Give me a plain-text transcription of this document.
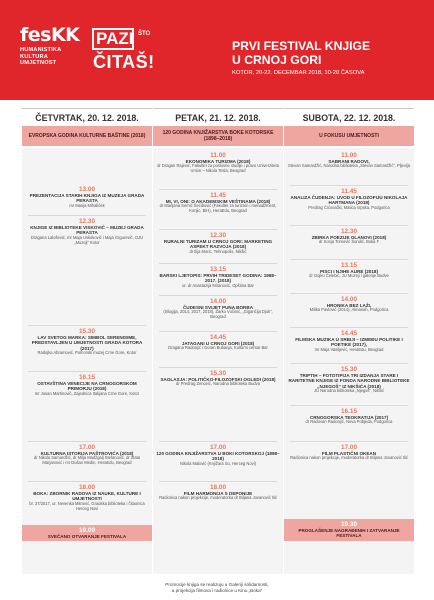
fesKK
HUMANISTIKA
KULTURA
UMJETNOST
PAZI ŠTO
ČITAŠ!
PRVI FESTIVAL KNJIGE
U CRNOJ GORI
KOTOR, 20-22. DECEMBAR 2018, 10-20 ČASOVA
ČETVRTAK, 20. 12. 2018.	PETAK, 21. 12. 2018.	SUBOTA, 22. 12. 2018.
EVROPSKA GODINA KULTURNE BAŠTINE (2018)	120 GODINA KNJIŽARSTVA BOKE KOTORSKE (1898–2018)	U FOKUSU UMJETNOSTI
13.00
PREZENTACIJA STARIH KNJIGA IZ MUZEJA GRADA PERASTA
mr Marija Mihaliček
12.30
KNJIGE IZ BIBLIOTEKE VISKOVIĆ – MUZEJ GRADA PERASTA
Dragana Lalošević, mr Maja Uskoković i Maja Grgurević, OJU „Muzeji“ Kotor
15.30
LAV SVETOG MARKA: SIMBOL SERENISIME, PREDSTAVLJEN U UMJETNOSTI GRADA KOTORA (2017)
Radojka Abramović, Pomorski muzej Crne Gore, Kotor
16.15
OSTAVŠTINA VENECIJE NA CRNOGORSKOM PRIMORJU (2018)
mr Jovan Martinović, Zajednica Italijana Crne Gore, Kotor
17.00
KULTURNA ISTORIJA PAŠTROVIĆA (2018)
dr Nikola Samardžić, dr Milja Madžgalj Stefanović, dr Zlata Marjanović i mr Dušan Medin, HeraEdu, Beograd
18.00
BOKA: ZBORNIK RADOVA IZ NAUKE, KULTURE I UMJETNOSTI
br. 37/2017, ur. Nevenka Mitrović, Gradska biblioteka i čitaonica Herceg Novi
19.00
SVEČANO OTVARANJE FESTIVALA
11.00
EKONOMIKA TURIZMA (2018)
dr Dragan Rajević, Fakultet za poslovne studije i pravo Univerziteta Union – Nikola Tesla, Beograd
11.45
MI, VI, ONI: O AKADEMSKIM VEŠTINAMA (2018)
dr Marijana Semić Šećibović (Fakultet za turizam i menadžment, Konjic, BiH), HeraEdu, Beograd
12.30
RURALNI TURIZAM U CRNOJ GORI: MARKETING ASPEKT RAZVOJA (2018)
dr Ilija Moric, Tehnopolis, Nikšić
13.15
BARSKI LJETOPIS: PRVIH TRIDESET GODINA: 1988–2017. (2018)
ur. dr Anastazija Miranović, Opština Bar
14.00
ČUDESNI SVIJET PUNA BORBA
(trilogija, 2014, 2017, 2018), Žarko Vučinić, „Gigančija Djuk“, Beograd
14.45
JATAGANI U CRNOJ GORI (2018)
Dragana Radonjić i Goran Bubanja, Kulturni centar Bar
15.30
SAGLASJA: POLITIČKO-FILOZOFSKI OGLEDI (2018)
dr Predrag Zenović, Narodna biblioteka Budva
17.00
120 GODINA KNJIŽARSTVA U BOKI KOTORSKOJ (1898–2018)
Nikola Malović (Knjižara So, Herceg Novi)
18.00
FILM HARMONIJA S DEPONIJE
Radionica nakon projekcije, moderatorka dr Biljana Jovanović Ilić
11.00
SABRANI RADOVI,
Stevan Samardžić, Narodna biblioteka „Stevan Samardžić“, Pljevlja
11.45
ANALIZA ČUDENJA: UVOD U FILOZOFIJU NIKOLAJA HARTMANA (2018)
Predrag Ćićovački, Matica srpska, Podgorica
12.30
ZBIRKA POEZIJE OLANOVI (2018)
dr Sonja Tomović Šundić, Boka F
13.15
PISCI I NJIHE AURE (2018)
dr Gojko Čelebić, JU Muzeji i galerije Budve
14.00
HRONIKA BEZ LAŽI,
Milika Pavlović (2014), Almanah, Podgorica
14.45
FILMSKA MUZIKA U SRBIJI – IZMEĐU POLITIKE I POETIKE (2017),
mr Maja Vasiljević, HeraEdu, Beograd
15.30
TRIPTIH – FOTOTIPIJA TRI IZDANJA STARE I RARITETNE KNJIGE IZ FONDA NARODNE BIBLIOTEKE „NJEGOŠ“ IZ NIKŠIĆA (2018)
JU Narodna biblioteka „Njegoš“, Nikšić
16.15
CRNOGORSKA TEOKRATIJA (2017)
dr Radovan Radonjić, Nova Pobjeda, Podgorica
17.00
FILM PLASTIČNI OKEAN
Radionica nakon projekcije, moderatorka dr Biljana Jovanović Ilić
19.30
PROGLAŠENJE NAGRAĐENIH I ZATVARANJE FESTIVALA
Promocije knjiga se realizuju u Galeriji solidarnosti,
a projekcija filmova i radionice u Kinu „Boka“
